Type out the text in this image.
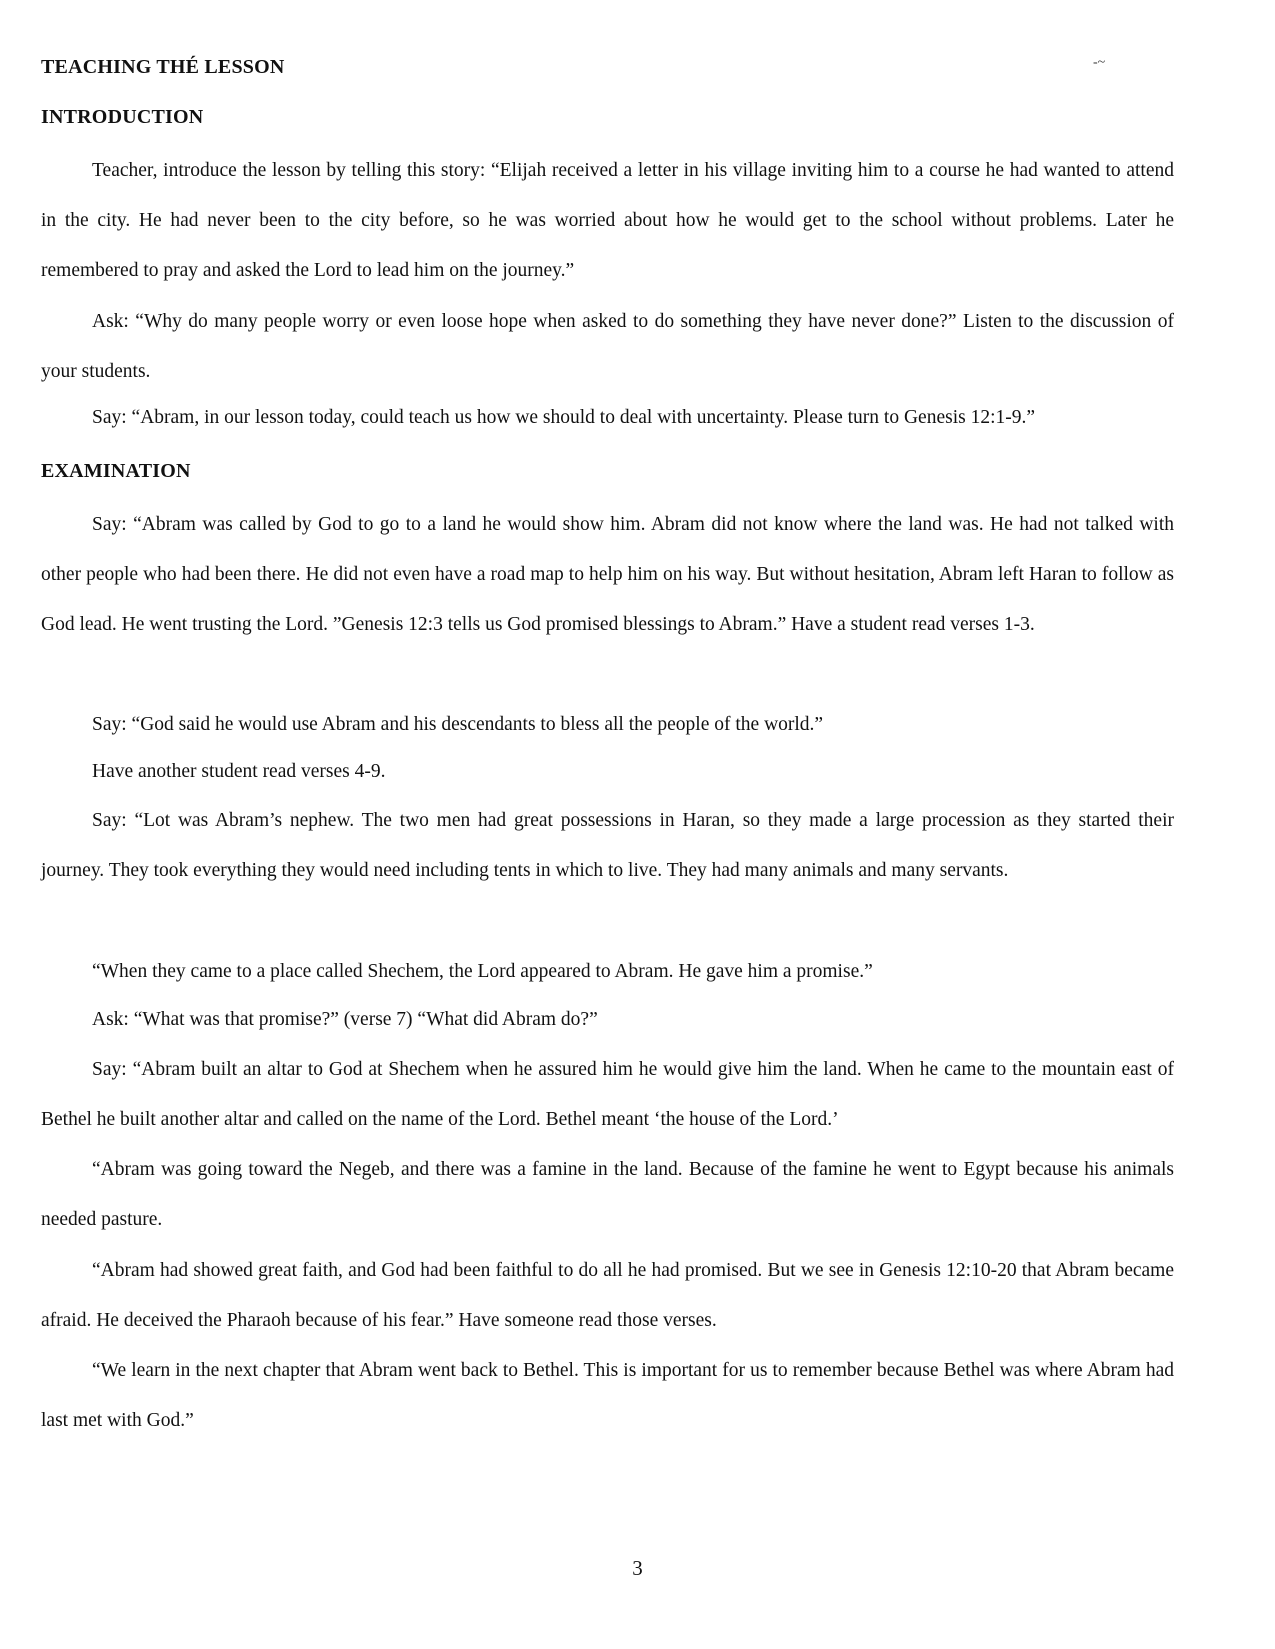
TEACHING THÉ LESSON	-~
INTRODUCTION
Teacher, introduce the lesson by telling this story: “Elijah received a letter in his village inviting him to a course he had wanted to attend in the city. He had never been to the city before, so he was worried about how he would get to the school without problems. Later he remembered to pray and asked the Lord to lead him on the journey.”
Ask: “Why do many people worry or even loose hope when asked to do something they have never done?” Listen to the discussion of your students.
Say: “Abram, in our lesson today, could teach us how we should to deal with uncertainty. Please turn to Genesis 12:1-9.”
EXAMINATION
Say: “Abram was called by God to go to a land he would show him. Abram did not know where the land was. He had not talked with other people who had been there. He did not even have a road map to help him on his way. But without hesitation, Abram left Haran to follow as God lead. He went trusting the Lord. ”Genesis 12:3 tells us God promised blessings to Abram.” Have a student read verses 1-3.
Say: “God said he would use Abram and his descendants to bless all the people of the world.”
Have another student read verses 4-9.
Say: “Lot was Abram’s nephew. The two men had great possessions in Haran, so they made a large procession as they started their journey. They took everything they would need including tents in which to live. They had many animals and many servants.
“When they came to a place called Shechem, the Lord appeared to Abram. He gave him a promise.”
Ask: “What was that promise?” (verse 7) “What did Abram do?”
Say: “Abram built an altar to God at Shechem when he assured him he would give him the land. When he came to the mountain east of Bethel he built another altar and called on the name of the Lord. Bethel meant ‘the house of the Lord.’
“Abram was going toward the Negeb, and there was a famine in the land. Because of the famine he went to Egypt because his animals needed pasture.
“Abram had showed great faith, and God had been faithful to do all he had promised. But we see in Genesis 12:10-20 that Abram became afraid. He deceived the Pharaoh because of his fear.” Have someone read those verses.
“We learn in the next chapter that Abram went back to Bethel. This is important for us to remember because Bethel was where Abram had last met with God.”
3
